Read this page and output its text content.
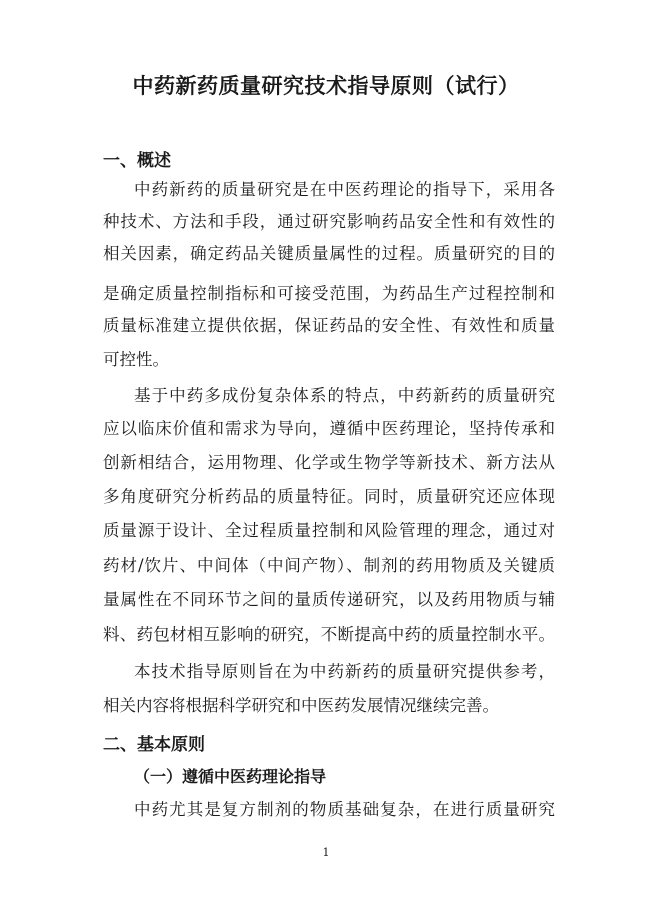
中药新药质量研究技术指导原则（试行）
一、概述

中药新药的质量研究是在中医药理论的指导下，采用各

种技术、方法和手段，通过研究影响药品安全性和有效性的

相关因素，确定药品关键质量属性的过程。质量研究的目的

是确定质量控制指标和可接受范围，为药品生产过程控制和

质量标准建立提供依据，保证药品的安全性、有效性和质量

可控性。

基于中药多成份复杂体系的特点，中药新药的质量研究

应以临床价值和需求为导向，遵循中医药理论，坚持传承和

创新相结合，运用物理、化学或生物学等新技术、新方法从

多角度研究分析药品的质量特征。同时，质量研究还应体现

质量源于设计、全过程质量控制和风险管理的理念，通过对

药材/饮片、中间体（中间产物）、制剂的药用物质及关键质

量属性在不同环节之间的量质传递研究，以及药用物质与辅

料、药包材相互影响的研究，不断提高中药的质量控制水平。

本技术指导原则旨在为中药新药的质量研究提供参考，

相关内容将根据科学研究和中医药发展情况继续完善。

二、基本原则
（一）遵循中医药理论指导

中药尤其是复方制剂的物质基础复杂，在进行质量研究

1
